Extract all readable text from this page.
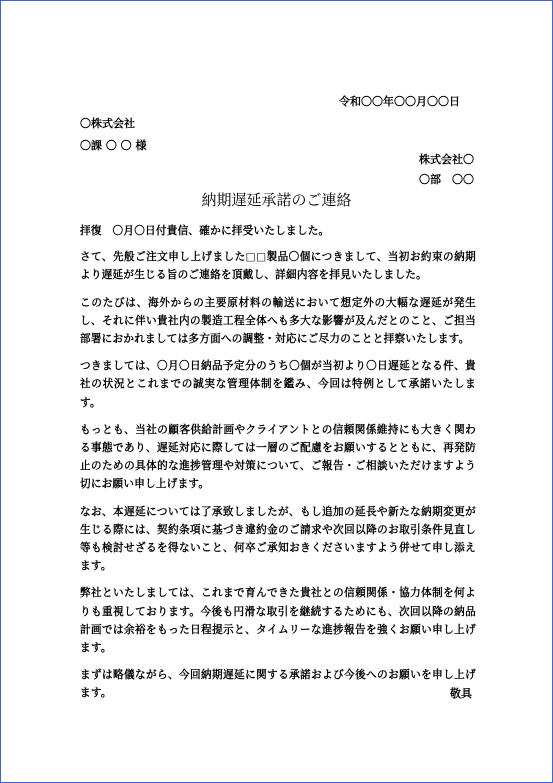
令和〇〇年〇〇月〇〇日
〇株式会社
〇課 〇 〇 様
株式会社〇
〇部　〇〇
納期遅延承諾のご連絡

拝復　〇月〇日付貴信、確かに拝受いたしました。

さて、先般ご注文申し上げました□□製品〇個につきまして、当初お約束の納期より遅延が生じる旨のご連絡を頂戴し、詳細内容を拝見いたしました。

このたびは、海外からの主要原材料の輸送において想定外の大幅な遅延が発生し、それに伴い貴社内の製造工程全体へも多大な影響が及んだとのこと、ご担当部署におかれましては多方面への調整・対応にご尽力のことと拝察いたします。

つきましては、〇月〇日納品予定分のうち〇個が当初より〇日遅延となる件、貴社の状況とこれまでの誠実な管理体制を鑑み、今回は特例として承諾いたします。

もっとも、当社の顧客供給計画やクライアントとの信頼関係維持にも大きく関わる事態であり、遅延対応に際しては一層のご配慮をお願いするとともに、再発防止のための具体的な進捗管理や対策について、ご報告・ご相談いただけますよう切にお願い申し上げます。

なお、本遅延については了承致しましたが、もし追加の延長や新たな納期変更が生じる際には、契約条項に基づき違約金のご請求や次回以降のお取引条件見直し等も検討せざるを得ないこと、何卒ご承知おきくださいますよう併せて申し添えます。

弊社といたしましては、これまで育んできた貴社との信頼関係・協力体制を何よりも重視しております。今後も円滑な取引を継続するためにも、次回以降の納品計画では余裕をもった日程提示と、タイムリーな進捗報告を強くお願い申し上げます。

まずは略儀ながら、今回納期遅延に関する承諾および今後へのお願いを申し上げます。	敬具
